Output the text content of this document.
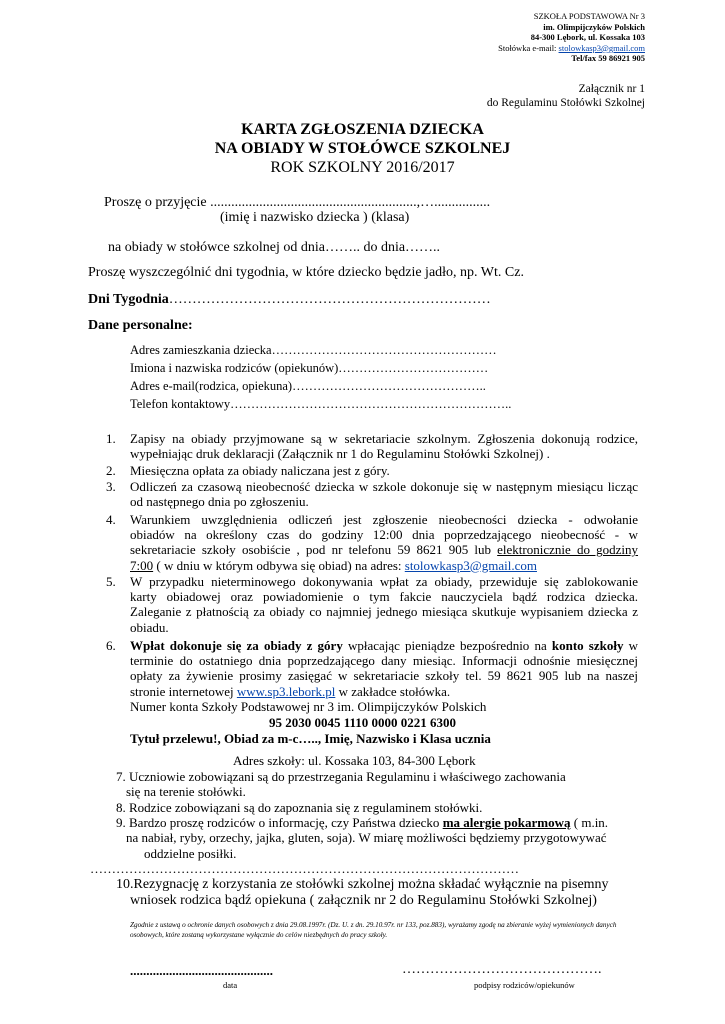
SZKOŁA PODSTAWOWA Nr 3
im. Olimpijczyków Polskich
84-300 Lębork, ul. Kossaka 103
Stołówka e-mail: stolowkasp3@gmail.com
Tel/fax 59 86921 905
Załącznik nr 1
do Regulaminu Stołówki Szkolnej
KARTA ZGŁOSZENIA DZIECKA
NA OBIADY W STOŁÓWCE SZKOLNEJ
ROK SZKOLNY 2016/2017
Proszę o przyjęcie ...........................................................,…................
(imię i nazwisko dziecka ) (klasa)
na obiady w stołówce szkolnej od dnia…….. do dnia……..
Proszę wyszczególnić dni tygodnia, w które dziecko będzie jadło, np. Wt. Cz.
Dni Tygodnia……………………………………………………………
Dane personalne:
Adres zamieszkania dziecka………………………………………………
Imiona i nazwiska rodziców (opiekunów)………………………………
Adres e-mail(rodzica, opiekuna)………………………………………..
Telefon kontaktowy…………………………………………………………..
1. Zapisy na obiady przyjmowane są w sekretariacie szkolnym. Zgłoszenia dokonują rodzice,
wypełniając druk deklaracji (Załącznik nr 1 do Regulaminu Stołówki Szkolnej) .
2. Miesięczna opłata za obiady naliczana jest z góry.
3. Odliczeń za czasową nieobecność dziecka w szkole dokonuje się w następnym miesiącu licząc
od następnego dnia po zgłoszeniu.
4. Warunkiem uwzględnienia odliczeń jest zgłoszenie nieobecności dziecka - odwołanie
obiadów na określony czas do godziny 12:00 dnia poprzedzającego nieobecność - w
sekretariacie szkoły osobiście , pod nr telefonu 59 8621 905 lub elektronicznie do godziny
7:00 ( w dniu w którym odbywa się obiad) na adres: stolowkasp3@gmail.com
5. W przypadku nieterminowego dokonywania wpłat za obiady, przewiduje się zablokowanie
karty obiadowej oraz powiadomienie o tym fakcie nauczyciela bądź rodzica dziecka.
Zaleganie z płatnością za obiady co najmniej jednego miesiąca skutkuje wypisaniem dziecka z
obiadu.
6. Wpłat dokonuje się za obiady z góry wpłacając pieniądze bezpośrednio na konto szkoły w
terminie do ostatniego dnia poprzedzającego dany miesiąc. Informacji odnośnie miesięcznej
opłaty za żywienie prosimy zasięgać w sekretariacie szkoły tel. 59 8621 905 lub na naszej
stronie internetowej www.sp3.lebork.pl w zakładce stołówka.
Numer konta Szkoły Podstawowej nr 3 im. Olimpijczyków Polskich
95 2030 0045 1110 0000 0221 6300
Tytuł przelewu!, Obiad za m-c….., Imię, Nazwisko i Klasa ucznia
Adres szkoły: ul. Kossaka 103, 84-300 Lębork
7. Uczniowie zobowiązani są do przestrzegania Regulaminu i właściwego zachowania
się na terenie stołówki.
8. Rodzice zobowiązani są do zapoznania się z regulaminem stołówki.
9. Bardzo proszę rodziców o informację, czy Państwa dziecko ma alergie pokarmową ( m.in.
na nabiał, ryby, orzechy, jajka, gluten, soja). W miarę możliwości będziemy przygotowywać
oddzielne posiłki.
………………………………………………………………………………………
10.Rezygnację z korzystania ze stołówki szkolnej można składać wyłącznie na pisemny
wniosek rodzica bądź opiekuna ( załącznik nr 2 do Regulaminu Stołówki Szkolnej)
Zgodnie z ustawą o ochronie danych osobowych z dnia 29.08.1997r. (Dz. U. z dn. 29.10.97r. nr 133, poz.883), wyrażamy zgodę na zbieranie wyżej wymienionych danych osobowych, które zostaną wykorzystane wyłącznie do celów niezbędnych do pracy szkoły.
............................................
data
…………………………………….
podpisy rodziców/opiekunów
